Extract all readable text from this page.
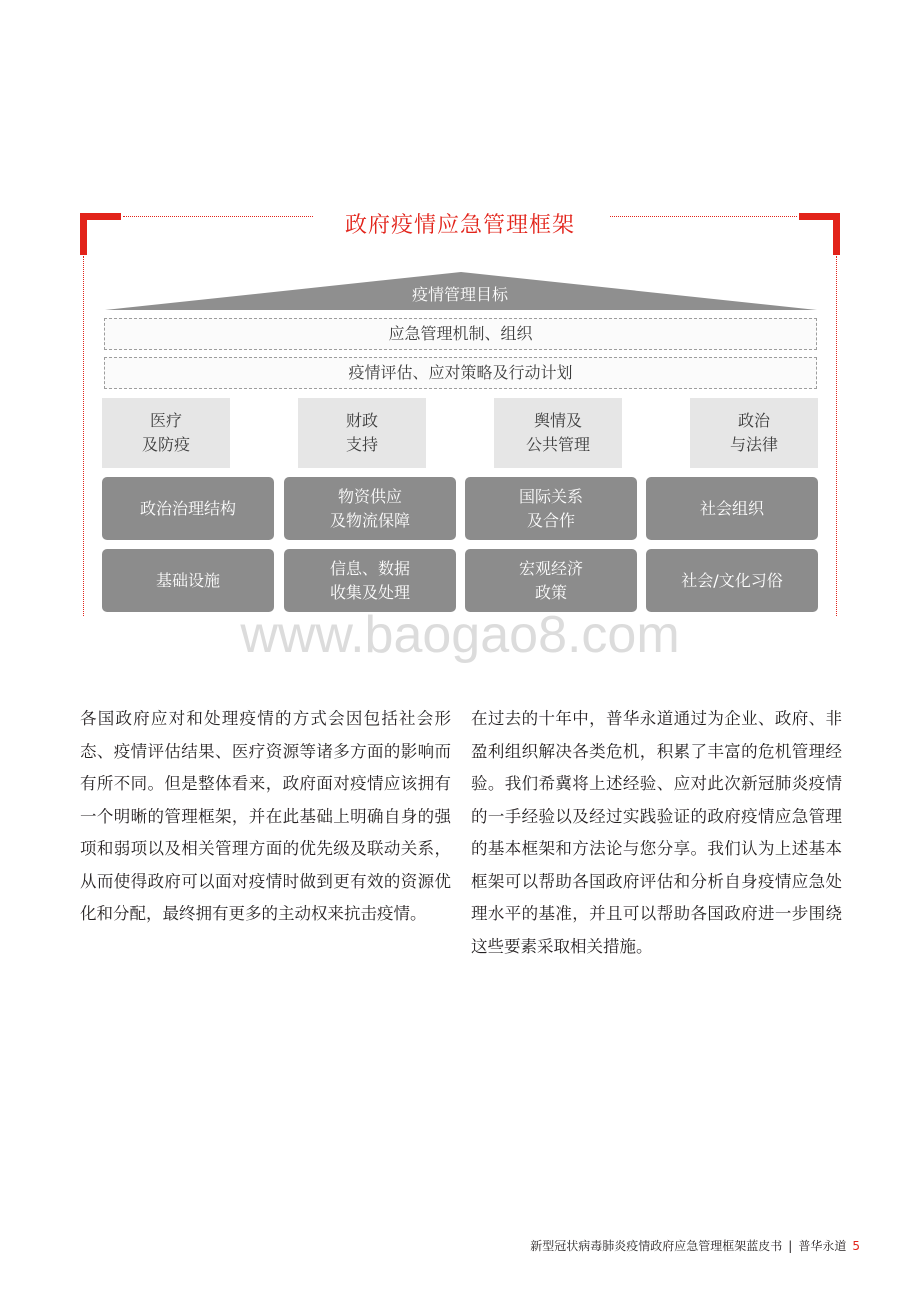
政府疫情应急管理框架
疫情管理目标
应急管理机制、组织
疫情评估、应对策略及行动计划
医疗
及防疫
财政
支持
舆情及
公共管理
政治
与法律
政治治理结构
物资供应
及物流保障
国际关系
及合作
社会组织
基础设施
信息、数据
收集及处理
宏观经济
政策
社会/文化习俗
www.baogao8.com

各国政府应对和处理疫情的方式会因包括社会形态、疫情评估结果、医疗资源等诸多方面的影响而有所不同。但是整体看来，政府面对疫情应该拥有一个明晰的管理框架，并在此基础上明确自身的强项和弱项以及相关管理方面的优先级及联动关系，从而使得政府可以面对疫情时做到更有效的资源优化和分配，最终拥有更多的主动权来抗击疫情。

在过去的十年中，普华永道通过为企业、政府、非盈利组织解决各类危机，积累了丰富的危机管理经验。我们希冀将上述经验、应对此次新冠肺炎疫情的一手经验以及经过实践验证的政府疫情应急管理的基本框架和方法论与您分享。我们认为上述基本框架可以帮助各国政府评估和分析自身疫情应急处理水平的基准，并且可以帮助各国政府进一步围绕这些要素采取相关措施。

新型冠状病毒肺炎疫情政府应急管理框架蓝皮书 | 普华永道 5
